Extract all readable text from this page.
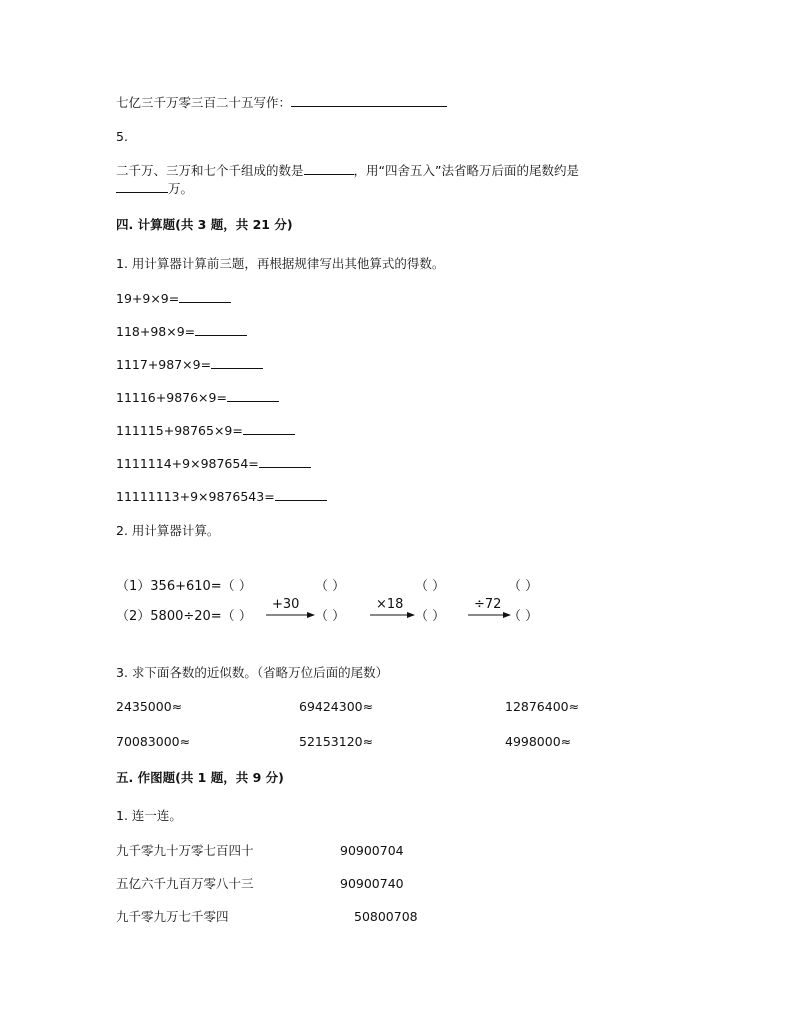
七亿三千万零三百二十五写作：
5.
二千万、三万和七个千组成的数是	，用“四舍五入”法省略万后面的尾数约是
万。
四. 计算题(共 3 题，共 21 分)
1. 用计算器计算前三题，再根据规律写出其他算式的得数。
19+9×9=
118+98×9=
1117+987×9=
11116+9876×9=
111115+98765×9=
1111114+9×987654=
11111113+9×9876543=
2. 用计算器计算。
（1）356+610=（ ）	（ ）	（ ）	（ ）
（2）5800÷20=（ ）
+30
（ ）
×18
（ ）
÷72
（ ）
3. 求下面各数的近似数。（省略万位后面的尾数）
2435000≈	69424300≈	12876400≈
70083000≈	52153120≈	4998000≈
五. 作图题(共 1 题，共 9 分)
1. 连一连。
九千零九十万零七百四十	90900704
五亿六千九百万零八十三	90900740
九千零九万七千零四	50800708
